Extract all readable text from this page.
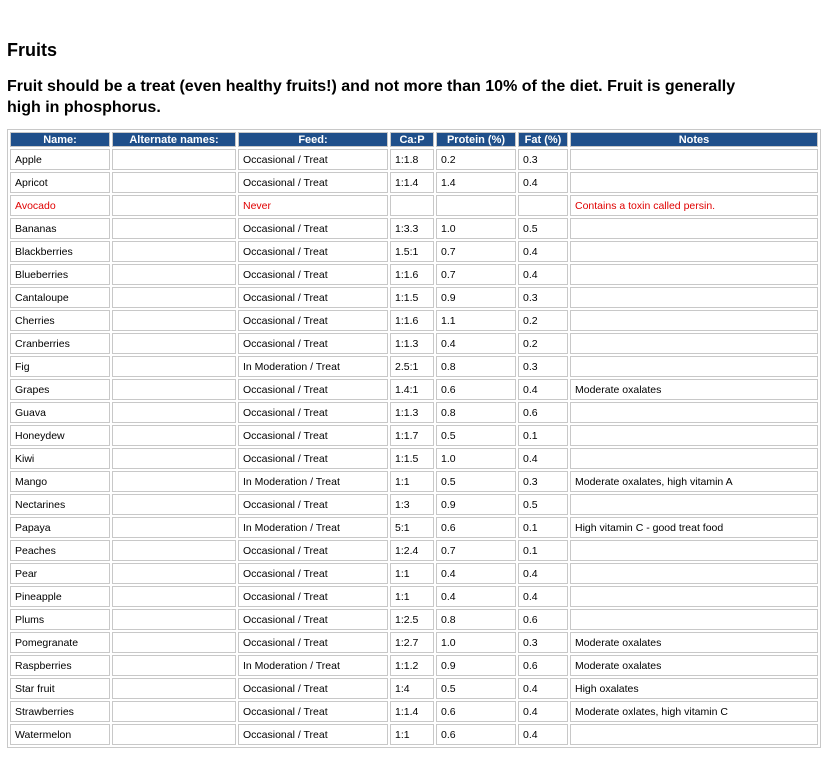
Fruits

Fruit should be a treat (even healthy fruits!) and not more than 10% of the diet. Fruit is generally high in phosphorus.

Name:	Alternate names:	Feed:	Ca:P	Protein (%)	Fat (%)	Notes
Apple		Occasional / Treat	1:1.8	0.2	0.3	
Apricot		Occasional / Treat	1:1.4	1.4	0.4	
Avocado		Never				Contains a toxin called persin.
Bananas		Occasional / Treat	1:3.3	1.0	0.5	
Blackberries		Occasional / Treat	1.5:1	0.7	0.4	
Blueberries		Occasional / Treat	1:1.6	0.7	0.4	
Cantaloupe		Occasional / Treat	1:1.5	0.9	0.3	
Cherries		Occasional / Treat	1:1.6	1.1	0.2	
Cranberries		Occasional / Treat	1:1.3	0.4	0.2	
Fig		In Moderation / Treat	2.5:1	0.8	0.3	
Grapes		Occasional / Treat	1.4:1	0.6	0.4	Moderate oxalates
Guava		Occasional / Treat	1:1.3	0.8	0.6	
Honeydew		Occasional / Treat	1:1.7	0.5	0.1	
Kiwi		Occasional / Treat	1:1.5	1.0	0.4	
Mango		In Moderation / Treat	1:1	0.5	0.3	Moderate oxalates, high vitamin A
Nectarines		Occasional / Treat	1:3	0.9	0.5	
Papaya		In Moderation / Treat	5:1	0.6	0.1	High vitamin C - good treat food
Peaches		Occasional / Treat	1:2.4	0.7	0.1	
Pear		Occasional / Treat	1:1	0.4	0.4	
Pineapple		Occasional / Treat	1:1	0.4	0.4	
Plums		Occasional / Treat	1:2.5	0.8	0.6	
Pomegranate		Occasional / Treat	1:2.7	1.0	0.3	Moderate oxalates
Raspberries		In Moderation / Treat	1:1.2	0.9	0.6	Moderate oxalates
Star fruit		Occasional / Treat	1:4	0.5	0.4	High oxalates
Strawberries		Occasional / Treat	1:1.4	0.6	0.4	Moderate oxlates, high vitamin C
Watermelon		Occasional / Treat	1:1	0.6	0.4	
